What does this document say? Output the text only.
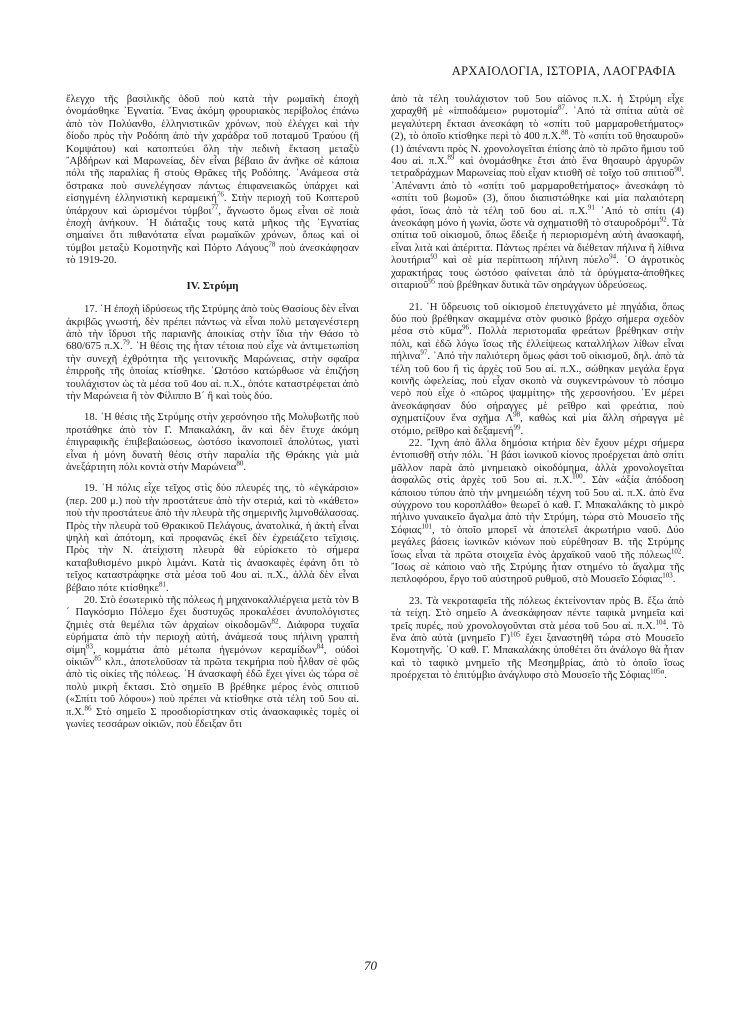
ΑΡΧΑΙΟΛΟΓΙΑ, ΙΣΤΟΡΙΑ, ΛΑΟΓΡΑΦΙΑ

ἔλεγχο τῆς βασιλικῆς ὁδοῦ ποὺ κατὰ τὴν ρωμαϊκὴ ἐποχὴ ὀνομάσθηκε ᾿Εγνατία. ῞Ενας ἀκόμη φρουριακὸς περίβολος ἐπάνω ἀπὸ τὸν Πολύανθο, ἑλληνιστικῶν χρόνων, ποὺ ἐλέγχει καὶ τὴν δίοδο πρὸς τὴν Ροδόπη ἀπὸ τὴν χαράδρα τοῦ ποταμοῦ Τραύου (ἢ Κομψάτου) καὶ κατοπτεύει ὅλη τὴν πεδινὴ ἔκταση μεταξὺ ῎Αβδήρων καὶ Μαρωνείας, δὲν εἶναι βέβαιο ἂν ἀνῆκε σὲ κάποια πόλι τῆς παραλίας ἢ στοὺς Θρᾶκες τῆς Ροδόπης. ᾿Ανάμεσα στὰ ὄστρακα ποὺ συνελέγησαν πάντως ἐπιφανειακῶς ὑπάρχει καὶ εἰσηγμένη ἑλληνιστικὴ κεραμεική$^{76}$. Στὴν περιοχὴ τοῦ Κοπτεροῦ ὑπάρχουν καὶ ὡρισμένοι τύμβοι$^{77}$, ἄγνωστο ὅμως εἶναι σὲ ποιὰ ἐποχὴ ἀνήκουν. ῾Η διάταξις τους κατὰ μῆκος τῆς ᾿Εγνατίας σημαίνει ὅτι πιθανότατα εἶναι ρωμαϊκῶν χρόνων, ὅπως καὶ οἱ τύμβοι μεταξὺ Κομοτηνῆς καὶ Πόρτο Λάγους$^{78}$ ποὺ ἀνεσκάφησαν τὸ 1919-20.

IV. Στρύμη

17. ῾Η ἐποχὴ ἱδρύσεως τῆς Στρύμης ἀπὸ τοὺς Θασίους δὲν εἶναι ἀκριβῶς γνωστή, δὲν πρέπει πάντως νὰ εἶναι πολὺ μεταγενέστερη ἀπὸ τὴν ἵδρυσι τῆς παριανῆς ἀποικίας στὴν ἴδια τὴν Θάσο τὸ 680/675 π.Χ.$^{79}$. ῾Η θέσις της ἦταν τέτοια ποὺ εἶχε νὰ ἀντιμετωπίση τὴν συνεχῆ ἐχθρότητα τῆς γειτονικῆς Μαρώνειας, στὴν σφαῖρα ἐπιρροῆς τῆς ὁποίας κτίσθηκε. ᾿Ωστόσο κατώρθωσε νὰ ἐπιζήση τουλάχιστον ὡς τὰ μέσα τοῦ 4ου αἰ. π.Χ., ὁπότε καταστρέφεται ἀπὸ τὴν Μαρώνεια ἢ τὸν Φίλιππο Β´ ἢ καὶ τοὺς δύο.

18. ῾Η θέσις τῆς Στρύμης στὴν χερσόνησο τῆς Μολυβωτῆς ποὺ προτάθηκε ἀπὸ τὸν Γ. Μπακαλάκη, ἂν καὶ δὲν ἔτυχε ἀκόμη ἐπιγραφικῆς ἐπιβεβαιώσεως, ὡστόσο ἱκανοποιεῖ ἀπολύτως, γιατὶ εἶναι ἡ μόνη δυνατὴ θέσις στὴν παραλία τῆς Θράκης γιὰ μιὰ ἀνεξάρτητη πόλι κοντὰ στὴν Μαρώνεια$^{80}$.

19. ῾Η πόλις εἶχε τεῖχος στὶς δύο πλευρές της, τὸ «ἐγκάρσιο» (περ. 200 μ.) ποὺ τὴν προστάτευε ἀπὸ τὴν στεριά, καὶ τὸ «κάθετο» ποὺ τὴν προστάτευε ἀπὸ τὴν πλευρὰ τῆς σημερινῆς λιμνοθάλασσας. Πρὸς τὴν πλευρὰ τοῦ Θρακικοῦ Πελάγους, ἀνατολικά, ἡ ἀκτὴ εἶναι ψηλὴ καὶ ἀπότομη, καὶ προφανῶς ἐκεῖ δὲν ἐχρειάζετο τεῖχισις. Πρὸς τὴν Ν. ἀτείχιστη πλευρὰ θὰ εὑρίσκετο τὸ σήμερα καταβυθισμένο μικρὸ λιμάνι. Κατὰ τὶς ἀνασκαφὲς ἐφάνη ὅτι τὸ τεῖχος καταστράφηκε στὰ μέσα τοῦ 4ου αἰ. π.Χ., ἀλλὰ δὲν εἶναι βέβαιο πότε κτίσθηκε$^{81}$.

20. Στὸ ἐσωτερικὸ τῆς πόλεως ἡ μηχανοκαλλιέργεια μετὰ τὸν Β´ Παγκόσμιο Πόλεμο ἔχει δυστυχῶς προκαλέσει ἀνυπολόγιστες ζημιὲς στὰ θεμέλια τῶν ἀρχαίων οἰκοδομῶν$^{82}$. Διάφορα τυχαῖα εὑρήματα ἀπὸ τὴν περιοχὴ αὐτή, ἀνάμεσά τους πήλινη γραπτὴ σίμη$^{83}$, κομμάτια ἀπὸ μέτωπα ἡγεμόνων κεραμίδων$^{84}$, οὐδοὶ οἰκιῶν$^{85}$ κλπ., ἀποτελοῦσαν τὰ πρῶτα τεκμήρια ποὺ ἦλθαν σὲ φῶς ἀπὸ τὶς οἰκίες τῆς πόλεως. ῾Η ἀνασκαφὴ ἐδῶ ἔχει γίνει ὡς τώρα σὲ πολὺ μικρὴ ἔκτασι. Στὸ σημεῖο Β βρέθηκε μέρος ἑνὸς σπιτιοῦ («Σπίτι τοῦ λόφου») ποὺ πρέπει νὰ κτίσθηκε στὰ τέλη τοῦ 5ου αἰ. π.Χ.$^{86}$ Στὸ σημεῖο Σ προσδιορίστηκαν στὶς ἀνασκαφικὲς τομὲς οἱ γωνίες τεσσάρων οἰκιῶν, ποὺ ἔδειξαν ὅτι

ἀπὸ τὰ τέλη τουλάχιστον τοῦ 5ου αἰῶνος π.Χ. ἡ Στρύμη εἶχε χαραχθῆ μὲ «ἱπποδάμειο» ρυμοτομία$^{87}$. ᾿Από τὰ σπίτια αὐτὰ σὲ μεγαλύτερη ἔκτασι ἀνεσκάφη τὸ «σπίτι τοῦ μαρμαροθετήματος» (2), τὸ ὁποῖο κτίσθηκε περὶ τὸ 400 π.Χ.$^{88}$. Τὸ «σπίτι τοῦ θησαυροῦ» (1) ἀπέναντι πρὸς Ν. χρονολογεῖται ἐπίσης ἀπὸ τὸ πρῶτο ἥμισυ τοῦ 4ου αἰ. π.Χ.$^{89}$ καὶ ὀνομάσθηκε ἔτσι ἀπὸ ἕνα θησαυρὸ ἀργυρῶν τετραδράχμων Μαρωνείας ποὺ εἶχαν κτισθῆ σὲ τοῖχο τοῦ σπιτιοῦ$^{90}$. ᾿Απέναντι ἀπὸ τὸ «σπίτι τοῦ μαρμαροθετήματος» ἀνεσκάφη τὸ «σπίτι τοῦ βωμοῦ» (3), ὅπου διαπιστώθηκε καὶ μία παλαιότερη φάσι, ἴσως ἀπὸ τὰ τέλη τοῦ 6ου αἰ. π.Χ.$^{91}$ ᾿Από τὸ σπίτι (4) ἀνεσκάφη μόνο ἡ γωνία, ὥστε νὰ σχηματισθῆ τὸ σταυροδρόμι$^{92}$. Τὰ σπίτια τοῦ οἰκισμοῦ, ὅπως ἔδειξε ἡ περιορισμένη αὐτὴ ἀνασκαφή, εἶναι λιτὰ καὶ ἀπέριττα. Πάντως πρέπει νὰ διέθεταν πήλινα ἢ λίθινα λουτήρια$^{93}$ καὶ σὲ μία περίπτωση πήλινη πύελο$^{94}$. ῾Ο ἀγροτικὸς χαρακτήρας τους ὡστόσο φαίνεται ἀπὸ τὰ ὀρύγματα-ἀποθῆκες σιταριοῦ$^{95}$ ποὺ βρέθηκαν δυτικὰ τῶν σηράγγων ὑδρεύσεως.

21. ῾Η ὕδρευσις τοῦ οἰκισμοῦ ἐπετυγχάνετο μὲ πηγάδια, ὅπως δύο ποὺ βρέθηκαν σκαμμένα στὸν φυσικὸ βράχο σήμερα σχεδὸν μέσα στὸ κῦμα$^{96}$. Πολλὰ περιστομαῖα φρεάτων βρέθηκαν στὴν πόλι, καὶ ἐδῶ λόγω ἴσως τῆς ἐλλείψεως καταλλήλων λίθων εἶναι πήλινα$^{97}$. ᾿Από τὴν παλιότερη ὅμως φάσι τοῦ οἰκισμοῦ, δηλ. ἀπὸ τὰ τέλη τοῦ 6ου ἢ τὶς ἀρχὲς τοῦ 5ου αἰ. π.Χ., σώθηκαν μεγάλα ἔργα κοινῆς ὠφελείας, ποὺ εἶχαν σκοπὸ νὰ συγκεντρώνουν τὸ πόσιμο νερὸ ποὺ εἶχε ὁ «πῶρος ψαμμίτης» τῆς χερσονήσου. ᾿Εν μέρει ἀνεσκάφησαν δύο σήραγγες μὲ ρεῖθρο καὶ φρεάτια, ποὺ σχηματίζουν ἕνα σχῆμα $\Lambda^{98}$, καθὼς καὶ μία ἄλλη σήραγγα μὲ στόμιο, ρεῖθρο καὶ δεξαμενή$^{99}$.

22. ῎Ιχνη ἀπὸ ἄλλα δημόσια κτήρια δὲν ἔχουν μέχρι σήμερα ἐντοπισθῆ στὴν πόλι. ῾Η βάσι ἰωνικοῦ κίονος προέρχεται ἀπὸ σπίτι μᾶλλον παρὰ ἀπὸ μνημειακὸ οἰκοδόμημα, ἀλλὰ χρονολογεῖται ἀσφαλῶς στὶς ἀρχὲς τοῦ 5ου αἰ. π.Χ.$^{100}$. Σὰν «ἀξία ἀπόδοση κάποιου τύπου ἀπὸ τὴν μνημειώδη τέχνη τοῦ 5ου αἰ. π.Χ. ἀπὸ ἕνα σύγχρονο του κοροπλάθο» θεωρεῖ ὁ καθ. Γ. Μπακαλάκης τὸ μικρὸ πήλινο γυναικεῖο ἄγαλμα ἀπὸ τὴν Στρύμη, τώρα στὸ Μουσεῖο τῆς Σόφιας$^{101}$, τὸ ὁποῖο μπορεῖ νὰ ἀποτελεῖ ἀκρωτήριο ναοῦ. Δύο μεγάλες βάσεις ἰωνικῶν κιόνων ποὺ εὑρέθησαν Β. τῆς Στρύμης ἴσως εἶναι τὰ πρῶτα στοιχεῖα ἑνὸς ἀρχαϊκοῦ ναοῦ τῆς πόλεως$^{102}$. ῎Ισως σὲ κάποιο ναὸ τῆς Στρύμης ἦταν στημένο τὸ ἄγαλμα τῆς πεπλοφόρου, ἔργο τοῦ αὐστηροῦ ρυθμοῦ, στὸ Μουσεῖο Σόφιας$^{103}$.

23. Τὰ νεκροταφεῖα τῆς πόλεως ἐκτείνονταν πρὸς Β. ἔξω ἀπὸ τὰ τείχη. Στὸ σημεῖο Α ἀνεσκάφησαν πέντε ταφικὰ μνημεῖα καὶ τρεῖς πυρές, ποὺ χρονολογοῦνται στὰ μέσα τοῦ 5ου αἰ. π.Χ.$^{104}$. Τὸ ἕνα ἀπὸ αὐτὰ (μνημεῖο Γ)$^{105}$ ἔχει ξαναστηθῆ τώρα στὸ Μουσεῖο Κομοτηνῆς. ῾Ο καθ. Γ. Μπακαλάκης ὑποθέτει ὅτι ἀνάλογο θὰ ἦταν καὶ τὸ ταφικὸ μνημεῖο τῆς Μεσημβρίας, ἀπὸ τὸ ὁποῖο ἴσως προέρχεται τὸ ἐπιτύμβιο ἀνάγλυφο στὸ Μουσεῖο τῆς Σόφιας$^{105\alpha}$.

70
